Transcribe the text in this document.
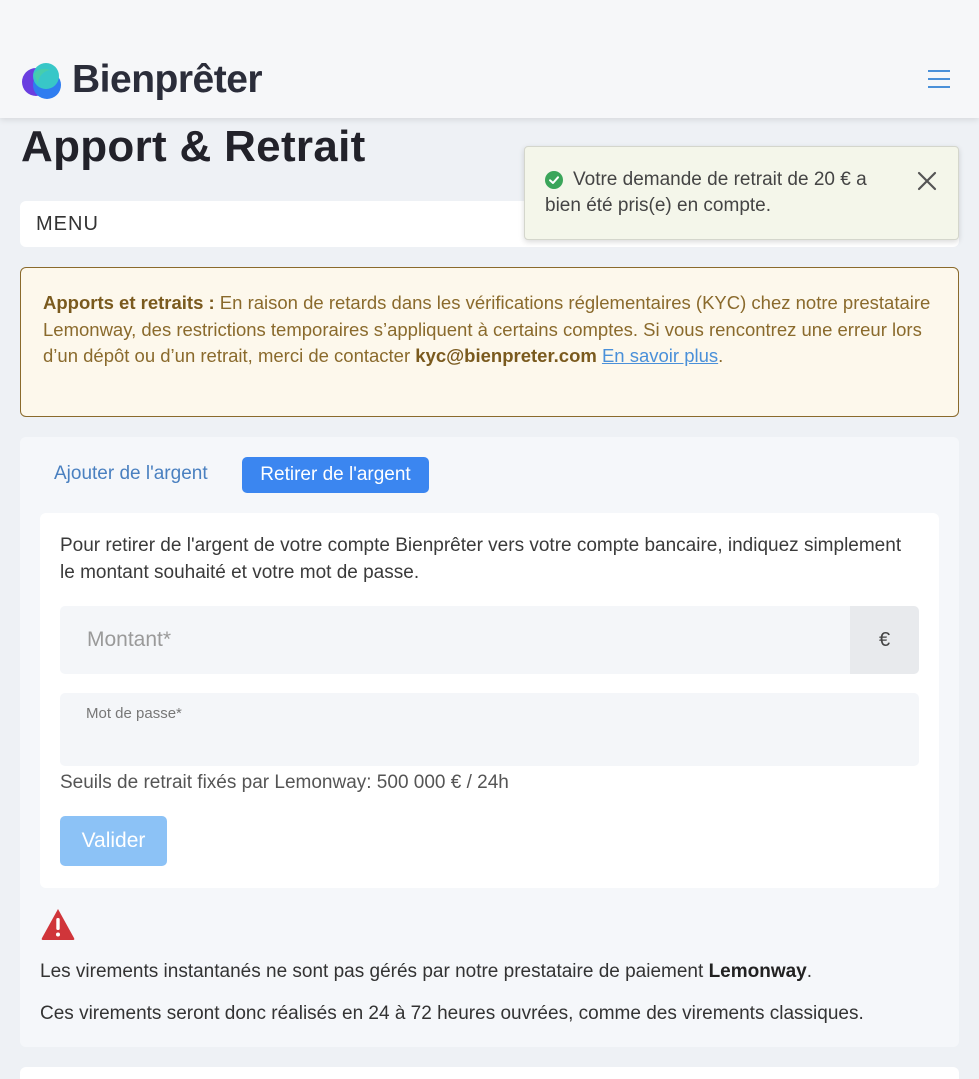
Bienprêter
Apport & Retrait
MENU
Votre demande de retrait de 20 € a bien été pris(e) en compte.
Apports et retraits : En raison de retards dans les vérifications réglementaires (KYC) chez notre prestataire Lemonway, des restrictions temporaires s’appliquent à certains comptes. Si vous rencontrez une erreur lors d’un dépôt ou d’un retrait, merci de contacter kyc@bienpreter.com En savoir plus.
Ajouter de l'argent	Retirer de l'argent
Pour retirer de l'argent de votre compte Bienprêter vers votre compte bancaire, indiquez simplement le montant souhaité et votre mot de passe.
Montant*
€
Mot de passe*
Seuils de retrait fixés par Lemonway: 500 000 € / 24h
Valider
Les virements instantanés ne sont pas gérés par notre prestataire de paiement Lemonway.
Ces virements seront donc réalisés en 24 à 72 heures ouvrées, comme des virements classiques.
